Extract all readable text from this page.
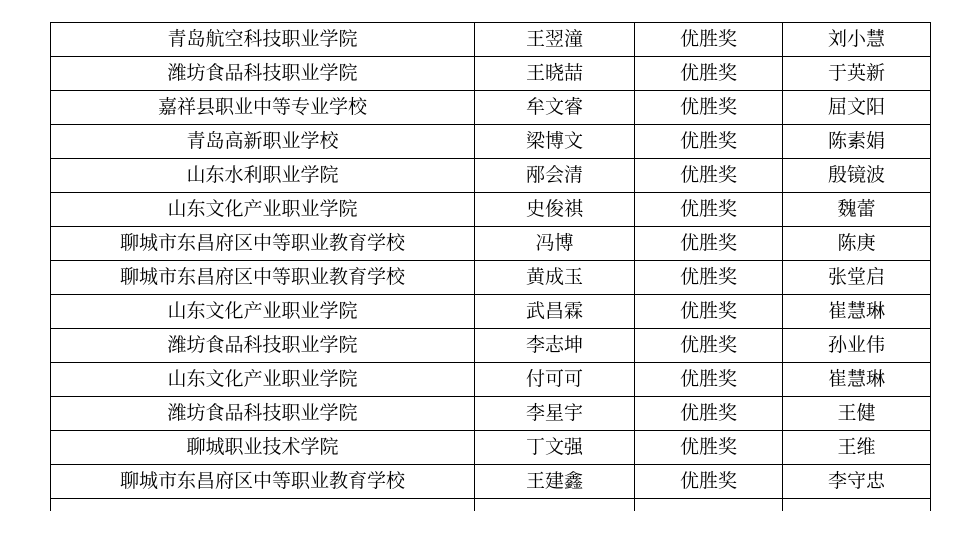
青岛航空科技职业学院	王翌潼	优胜奖	刘小慧
潍坊食品科技职业学院	王晓喆	优胜奖	于英新
嘉祥县职业中等专业学校	牟文睿	优胜奖	屈文阳
青岛高新职业学校	梁博文	优胜奖	陈素娟
山东水利职业学院	邴会清	优胜奖	殷镜波
山东文化产业职业学院	史俊祺	优胜奖	魏蕾
聊城市东昌府区中等职业教育学校	冯博	优胜奖	陈庚
聊城市东昌府区中等职业教育学校	黄成玉	优胜奖	张堂启
山东文化产业职业学院	武昌霖	优胜奖	崔慧琳
潍坊食品科技职业学院	李志坤	优胜奖	孙业伟
山东文化产业职业学院	付可可	优胜奖	崔慧琳
潍坊食品科技职业学院	李星宇	优胜奖	王健
聊城职业技术学院	丁文强	优胜奖	王维
聊城市东昌府区中等职业教育学校	王建鑫	优胜奖	李守忠
